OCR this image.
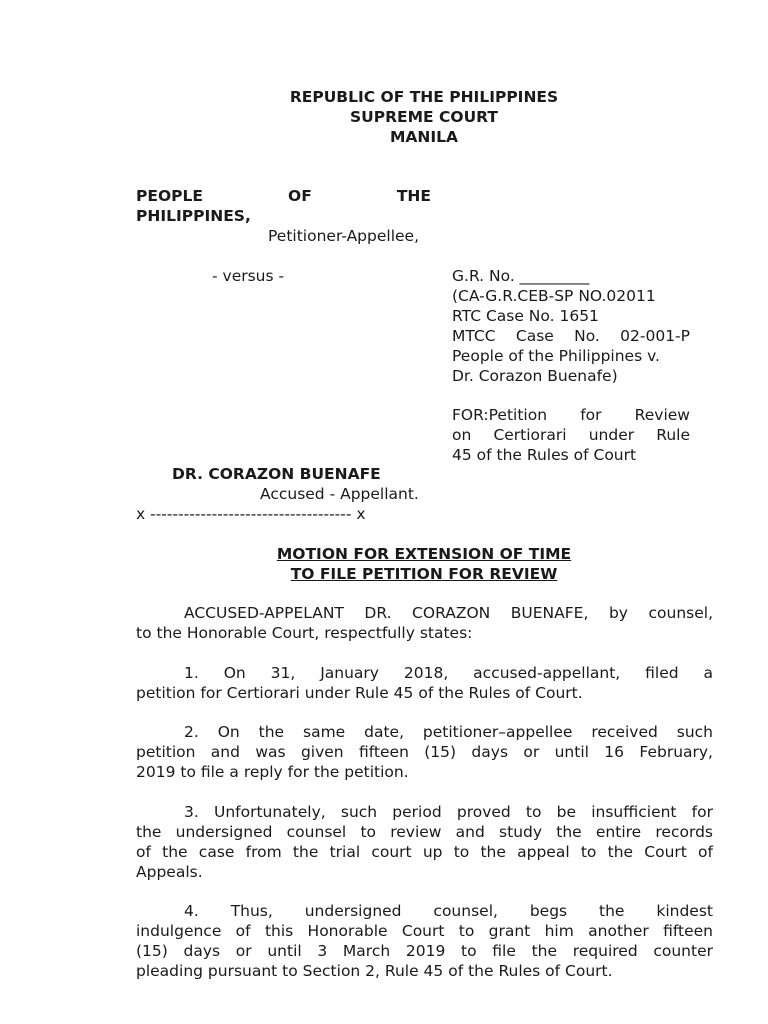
REPUBLIC OF THE PHILIPPINES
SUPREME COURT
MANILA
PEOPLE	OF	THE
PHILIPPINES,
Petitioner-Appellee,
- versus -
DR. CORAZON BUENAFE
Accused - Appellant.
x ------------------------------------ x
G.R. No. _________
(CA-G.R.CEB-SP NO.02011
RTC Case No. 1651
MTCC Case No. 02-001-P
People of the Philippines v.
Dr. Corazon Buenafe)
FOR:Petition for Review
on Certiorari under Rule
45 of the Rules of Court
MOTION FOR EXTENSION OF TIME
TO FILE PETITION FOR REVIEW
ACCUSED-APPELANT DR. CORAZON BUENAFE, by counsel,
to the Honorable Court, respectfully states:
1. On 31, January 2018, accused-appellant, filed a
petition for Certiorari under Rule 45 of the Rules of Court.
2. On the same date, petitioner–appellee received such
petition and was given fifteen (15) days or until 16 February,
2019 to file a reply for the petition.
3. Unfortunately, such period proved to be insufficient for
the undersigned counsel to review and study the entire records
of the case from the trial court up to the appeal to the Court of
Appeals.
4. Thus, undersigned counsel, begs the kindest
indulgence of this Honorable Court to grant him another fifteen
(15) days or until 3 March 2019 to file the required counter
pleading pursuant to Section 2, Rule 45 of the Rules of Court.
